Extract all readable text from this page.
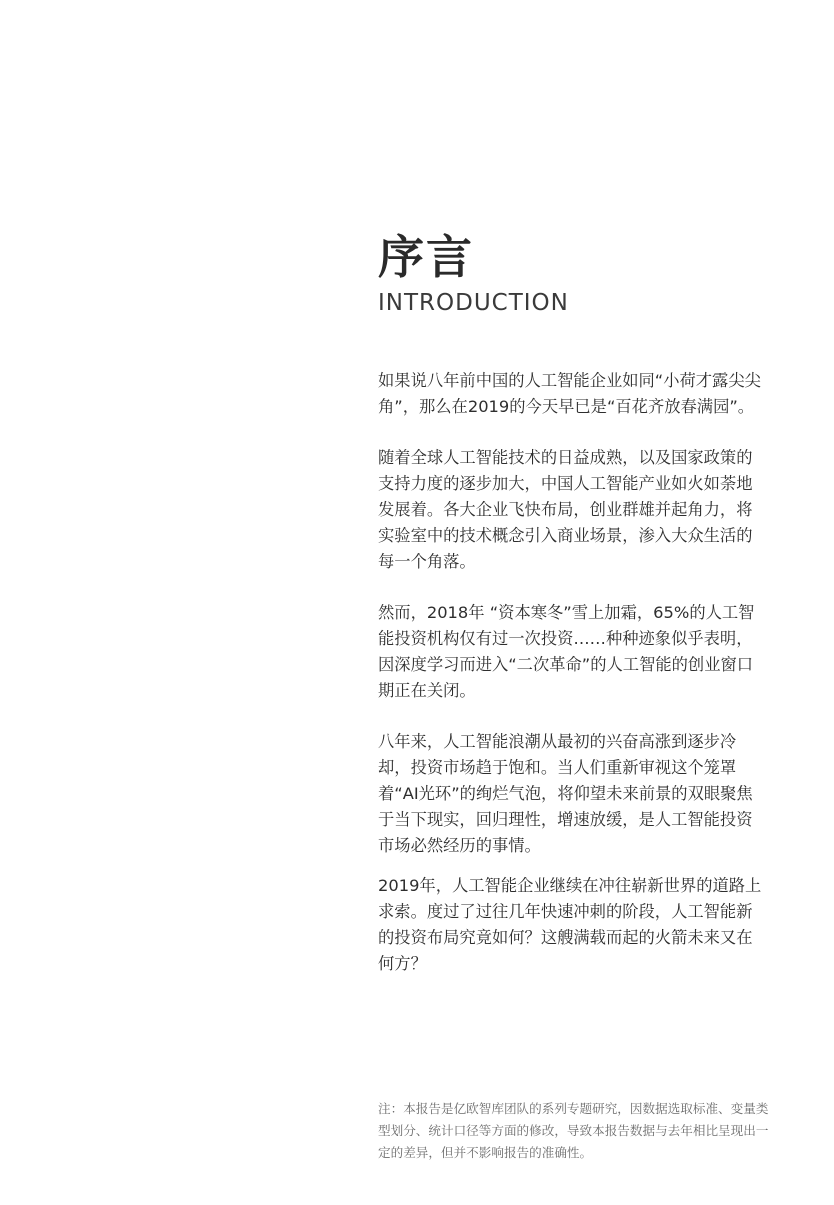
序言
INTRODUCTION

如果说八年前中国的人工智能企业如同“小荷才露尖尖角”，那么在2019的今天早已是“百花齐放春满园”。

随着全球人工智能技术的日益成熟，以及国家政策的支持力度的逐步加大，中国人工智能产业如火如荼地发展着。各大企业飞快布局，创业群雄并起角力，将实验室中的技术概念引入商业场景，渗入大众生活的每一个角落。

然而，2018年 “资本寒冬”雪上加霜，65%的人工智能投资机构仅有过一次投资……种种迹象似乎表明，因深度学习而进入“二次革命”的人工智能的创业窗口期正在关闭。

八年来，人工智能浪潮从最初的兴奋高涨到逐步冷却，投资市场趋于饱和。当人们重新审视这个笼罩着“AI光环”的绚烂气泡，将仰望未来前景的双眼聚焦于当下现实，回归理性，增速放缓，是人工智能投资市场必然经历的事情。

2019年，人工智能企业继续在冲往崭新世界的道路上求索。度过了过往几年快速冲刺的阶段，人工智能新的投资布局究竟如何？这艘满载而起的火箭未来又在何方？

注：本报告是亿欧智库团队的系列专题研究，因数据选取标准、变量类型划分、统计口径等方面的修改，导致本报告数据与去年相比呈现出一定的差异，但并不影响报告的准确性。
